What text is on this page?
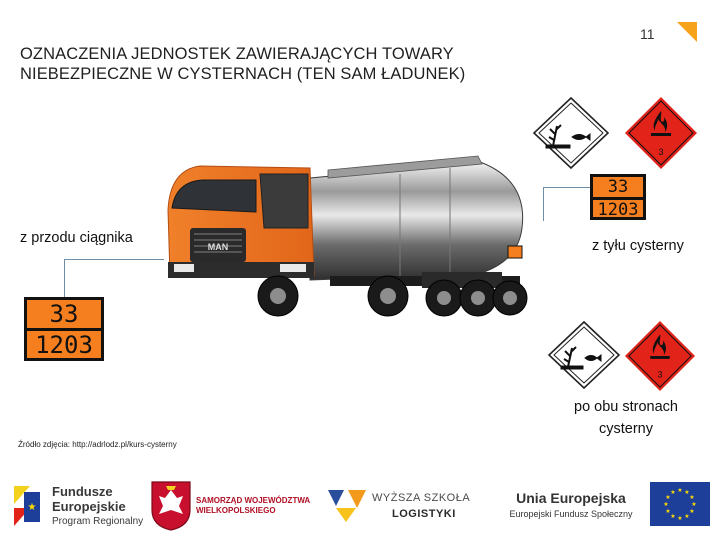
11
OZNACZENIA JEDNOSTEK ZAWIERAJĄCYCH TOWARY
NIEBEZPIECZNE W CYSTERNACH (TEN SAM ŁADUNEK)
3
33
1203
z przodu ciągnika	z tyłu cysterny
po obu stronach
cysterny
33
1203
MAN
3
Źródło zdjęcia: http://adrlodz.pl/kurs-cysterny
★
Fundusze
Europejskie
Program Regionalny
SAMORZĄD WOJEWÓDZTWA
WIELKOPOLSKIEGO
WYŻSZA SZKOŁA
LOGISTYKI
Unia Europejska
Europejski Fundusz Społeczny
★ ★
★
★
★
★
★
★
★
★
★
★
